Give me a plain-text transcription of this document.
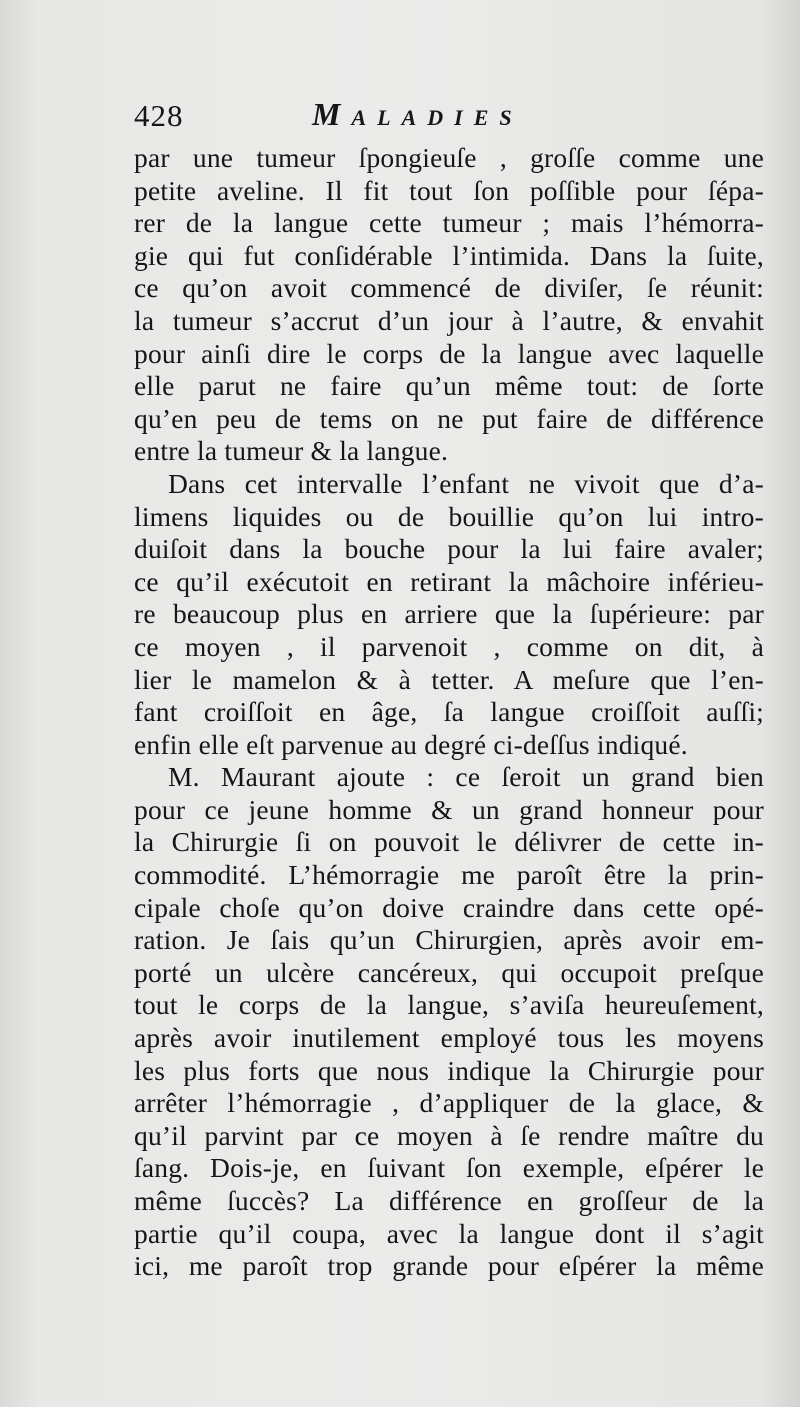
428	Maladies
par une tumeur ſpongieuſe , groſſe comme une
petite aveline. Il fit tout ſon poſſible pour ſépa-
rer de la langue cette tumeur ; mais l’hémorra-
gie qui fut conſidérable l’intimida. Dans la ſuite,
ce qu’on avoit commencé de diviſer, ſe réunit:
la tumeur s’accrut d’un jour à l’autre, & envahit
pour ainſi dire le corps de la langue avec laquelle
elle parut ne faire qu’un même tout: de ſorte
qu’en peu de tems on ne put faire de différence
entre la tumeur & la langue.
Dans cet intervalle l’enfant ne vivoit que d’a-
limens liquides ou de bouillie qu’on lui intro-
duiſoit dans la bouche pour la lui faire avaler;
ce qu’il exécutoit en retirant la mâchoire inférieu-
re beaucoup plus en arriere que la ſupérieure: par
ce moyen , il parvenoit , comme on dit, à
lier le mamelon & à tetter. A meſure que l’en-
fant croiſſoit en âge, ſa langue croiſſoit auſſi;
enfin elle eſt parvenue au degré ci-deſſus indiqué.
M. Maurant ajoute : ce ſeroit un grand bien
pour ce jeune homme & un grand honneur pour
la Chirurgie ſi on pouvoit le délivrer de cette in-
commodité. L’hémorragie me paroît être la prin-
cipale choſe qu’on doive craindre dans cette opé-
ration. Je ſais qu’un Chirurgien, après avoir em-
porté un ulcère cancéreux, qui occupoit preſque
tout le corps de la langue, s’aviſa heureuſement,
après avoir inutilement employé tous les moyens
les plus forts que nous indique la Chirurgie pour
arrêter l’hémorragie , d’appliquer de la glace, &
qu’il parvint par ce moyen à ſe rendre maître du
ſang. Dois-je, en ſuivant ſon exemple, eſpérer le
même ſuccès? La différence en groſſeur de la
partie qu’il coupa, avec la langue dont il s’agit
ici, me paroît trop grande pour eſpérer la même
